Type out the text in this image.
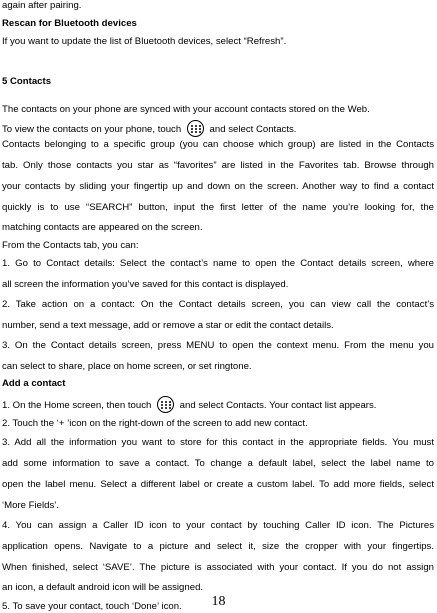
again after pairing.
Rescan for Bluetooth devices
If you want to update the list of Bluetooth devices, select “Refresh”.
5 Contacts
The contacts on your phone are synced with your account contacts stored on the Web.
To view the contacts on your phone, touch	and select Contacts.
Contacts belonging to a specific group (you can choose which group) are listed in the Contacts
tab. Only those contacts you star as “favorites” are listed in the Favorites tab. Browse through
your contacts by sliding your fingertip up and down on the screen. Another way to find a contact
quickly is to use “SEARCH” button, input the first letter of the name you’re looking for, the
matching contacts are appeared on the screen.
From the Contacts tab, you can:
1. Go to Contact details: Select the contact’s name to open the Contact details screen, where
all screen the information you’ve saved for this contact is displayed.
2. Take action on a contact: On the Contact details screen, you can view call the contact’s
number, send a text message, add or remove a star or edit the contact details.
3. On the Contact details screen, press MENU to open the context menu. From the menu you
can select to share, place on home screen, or set ringtone.
Add a contact
1. On the Home screen, then touch	and select Contacts. Your contact list appears.
2. Touch the ‘+ ’icon on the right-down of the screen to add new contact.
3. Add all the information you want to store for this contact in the appropriate fields. You must
add some information to save a contact. To change a default label, select the label name to
open the label menu. Select a different label or create a custom label. To add more fields, select
‘More Fields’.
4. You can assign a Caller ID icon to your contact by touching Caller ID icon. The Pictures
application opens. Navigate to a picture and select it, size the cropper with your fingertips.
When finished, select ‘SAVE’. The picture is associated with your contact. If you do not assign
an icon, a default android icon will be assigned.
5. To save your contact, touch ‘Done’ icon.	18
